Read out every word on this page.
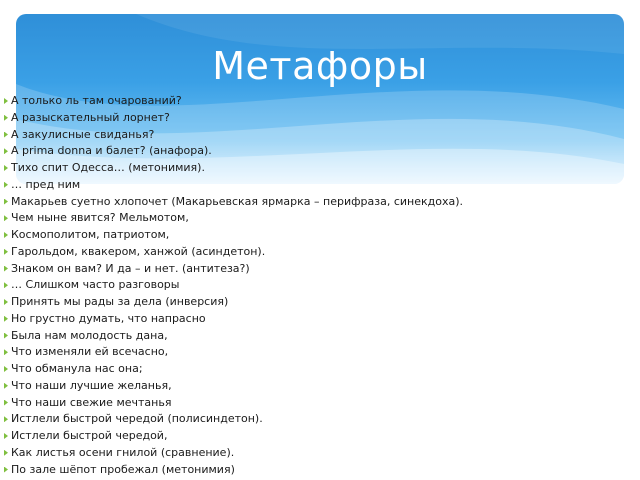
Метафоры
А только ль там очарований?
А разыскательный лорнет?
А закулисные свиданья?
А prima donna и балет? (анафора).
Тихо спит Одесса… (метонимия).
… пред ним
Макарьев суетно хлопочет (Макарьевская ярмарка – перифраза, синекдоха).
Чем ныне явится? Мельмотом,
Космополитом, патриотом,
Гарольдом, квакером, ханжой (асиндетон).
Знаком он вам? И да – и нет. (антитеза?)
… Слишком часто разговоры
Принять мы рады за дела (инверсия)
Но грустно думать, что напрасно
Была нам молодость дана,
Что изменяли ей всечасно,
Что обманула нас она;
Что наши лучшие желанья,
Что наши свежие мечтанья
Истлели быстрой чередой (полисиндетон).
Истлели быстрой чередой,
Как листья осени гнилой (сравнение).
По зале шёпот пробежал (метонимия)
